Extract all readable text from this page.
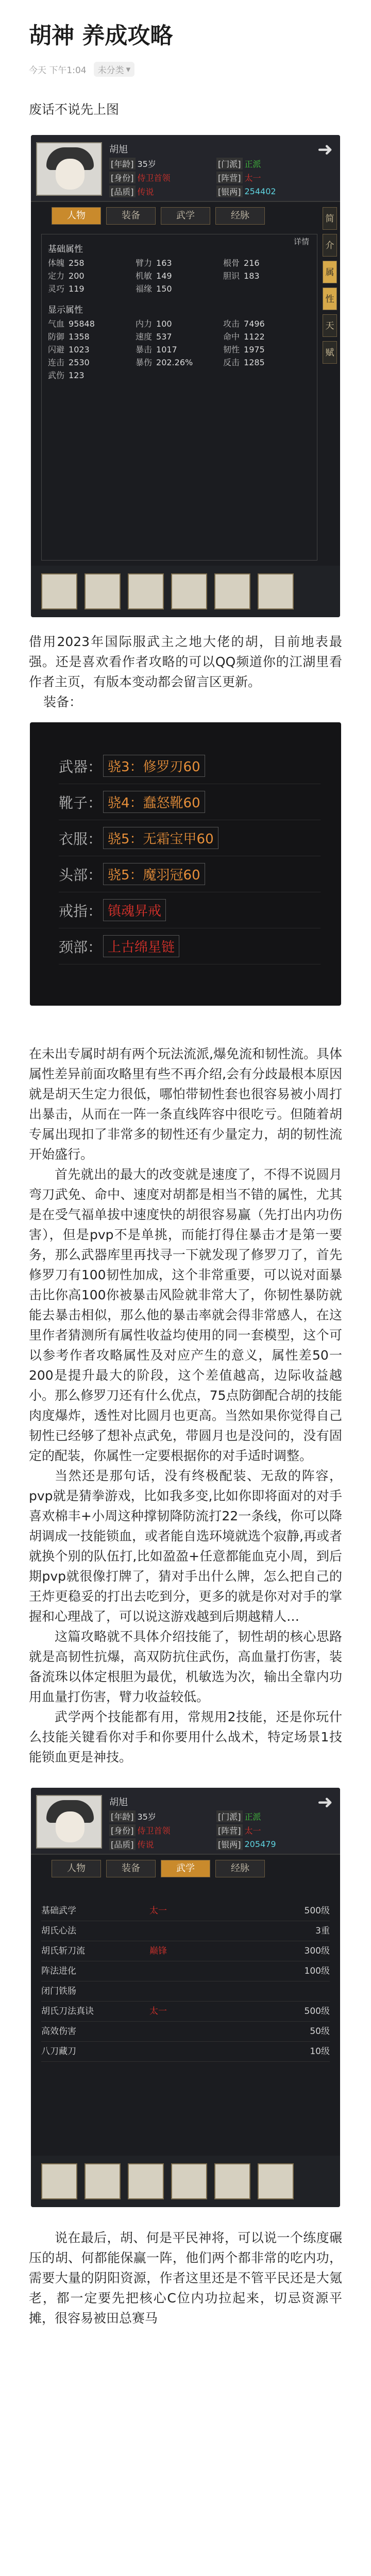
胡神 养成攻略
今天 下午1:04 未分类 ▾

废话不说先上图

胡旭	➜
[年龄] 35岁	[门派] 正派
[身份] 侍卫首领	[阵营] 太一
[品质] 传说	[银两] 254402
人物	装备	武学	经脉	简
介
属
性
天
赋
基础属性
体魄 258	臂力 163	根骨 216
定力 200	机敏 149	胆识 183
灵巧 119	福缘 150
显示属性
气血 95848	内力 100	攻击 7496
防御 1358	速度 537	命中 1122
闪避 1023	暴击 1017	韧性 1975
连击 2530	暴伤 202.26%	反击 1285
武伤 123
详情

借用2023年国际服武主之地大佬的胡，目前地表最强。还是喜欢看作者攻略的可以QQ频道你的江湖里看作者主页，有版本变动都会留言区更新。

装备：

武器： 骁3：修罗刃60
靴子： 骁4：蠢怒靴60
衣服： 骁5：无霜宝甲60
头部： 骁5：魔羽冠60
戒指： 镇魂昇戒
颈部： 上古绵星链

在未出专属时胡有两个玩法流派,爆免流和韧性流。具体属性差异前面攻略里有些不再介绍,会有分歧最根本原因就是胡天生定力很低，哪怕带韧性套也很容易被小周打出暴击，从而在一阵一条直线阵容中很吃亏。但随着胡专属出现扣了非常多的韧性还有少量定力，胡的韧性流开始盛行。

首先就出的最大的改变就是速度了，不得不说圆月弯刀武免、命中、速度对胡都是相当不错的属性，尤其是在受气福单拔中速度快的胡很容易赢（先打出内功伤害），但是pvp不是单挑，而能打得住暴击才是第一要务，那么武器库里再找寻一下就发现了修罗刀了，首先修罗刀有100韧性加成，这个非常重要，可以说对面暴击比你高100你被暴击风险就非常大了，你韧性暴防就能去暴击相似，那么他的暴击率就会得非常感人，在这里作者猜测所有属性收益均使用的同一套模型，这个可以参考作者攻略属性及对应产生的意义，属性差50一200是提升最大的阶段，这个差值越高，边际收益越小。那么修罗刀还有什么优点，75点防御配合胡的技能肉度爆炸，透性对比圆月也更高。当然如果你觉得自己韧性已经够了想补点武免，带圆月也是没问的，没有固定的配装，你属性一定要根据你的对手适时调整。

当然还是那句话，没有终极配装、无敌的阵容，pvp就是猜拳游戏，比如我多变,比如你即将面对的对手喜欢棉丰+小周这种撑韧降防流打22一条线，你可以降胡调成一技能锁血，或者能自选环境就选个寂静,再或者就换个别的队伍打,比如盈盈+任意都能血克小周，到后期pvp就很像打牌了，猜对手出什么牌，怎么把自己的王炸更稳妥的打出去吃到分，更多的就是你对对手的掌握和心理战了，可以说这游戏越到后期越精人…

这篇攻略就不具体介绍技能了，韧性胡的核心思路就是高韧性抗爆，高双防抗住武伤，高血量打伤害，装备流珠以体定根胆为最优，机敏选为次，输出全靠内功用血量打伤害，臂力收益较低。

武学两个技能都有用，常规用2技能，还是你玩什么技能关键看你对手和你要用什么战术，特定场景1技能锁血更是神技。

胡旭	➜
[年龄] 35岁	[门派] 正派
[身份] 侍卫首领	[阵营] 太一
[品质] 传说	[银两] 205479
人物	装备	武学	经脉
基础武学	太一	500级
胡氏心法	3重
胡氏斩刀流	巅锋	300级
阵法进化	100级
闭门铁肠
胡氏刀法真诀	太一	500级
高效伤害	50级
八刀藏刀	10级

说在最后，胡、何是平民神将，可以说一个练度碾压的胡、何都能保赢一阵，他们两个都非常的吃内功，需要大量的阴阳资源，作者这里还是不管平民还是大氪老，都一定要先把核心C位内功拉起来，切忌资源平摊，很容易被田总赛马
